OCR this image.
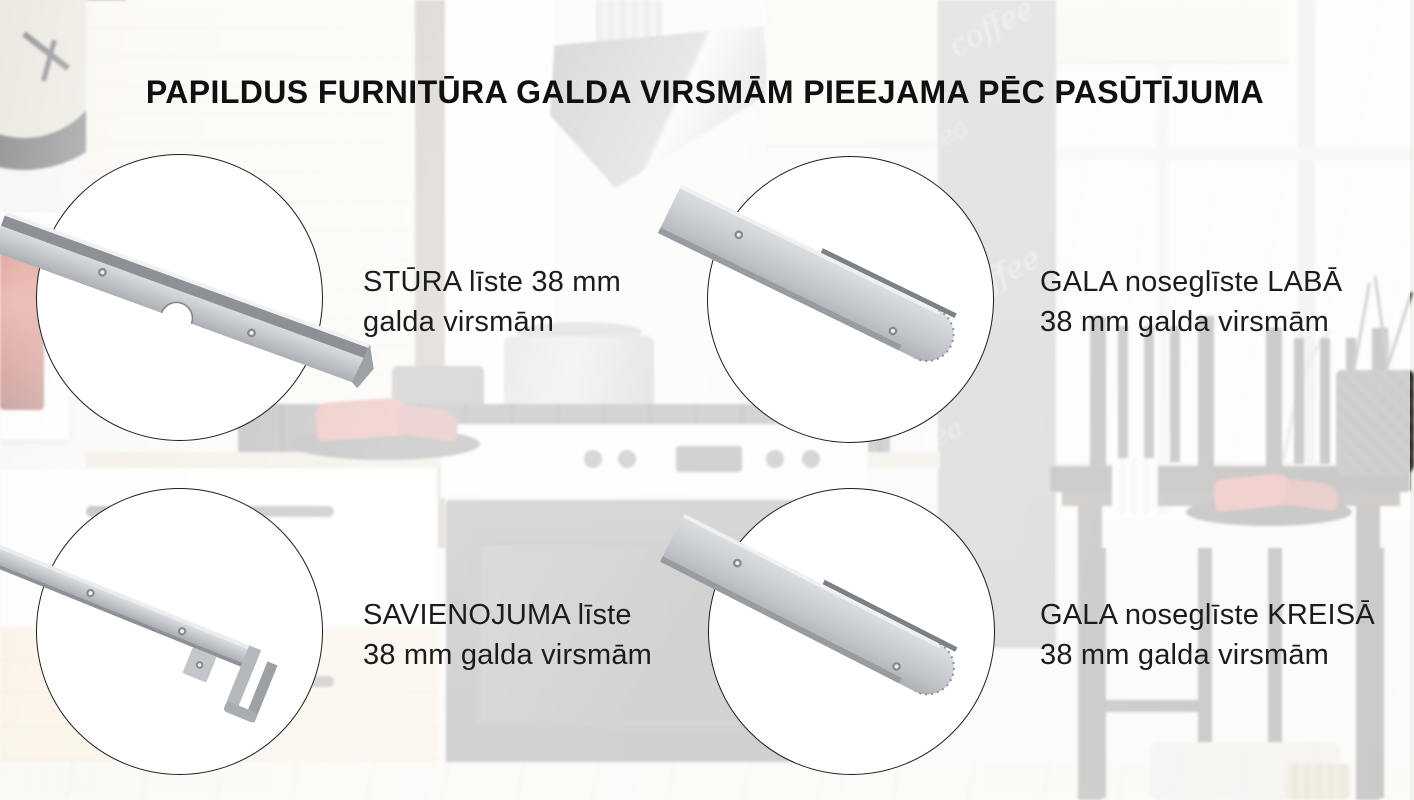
PAPILDUS FURNITŪRA GALDA VIRSMĀM PIEEJAMA PĒC PASŪTĪJUMA
STŪRA līste 38 mm
galda virsmām
GALA noseglīste LABĀ
38 mm galda virsmām
SAVIENOJUMA līste
38 mm galda virsmām
GALA noseglīste KREISĀ
38 mm galda virsmām
